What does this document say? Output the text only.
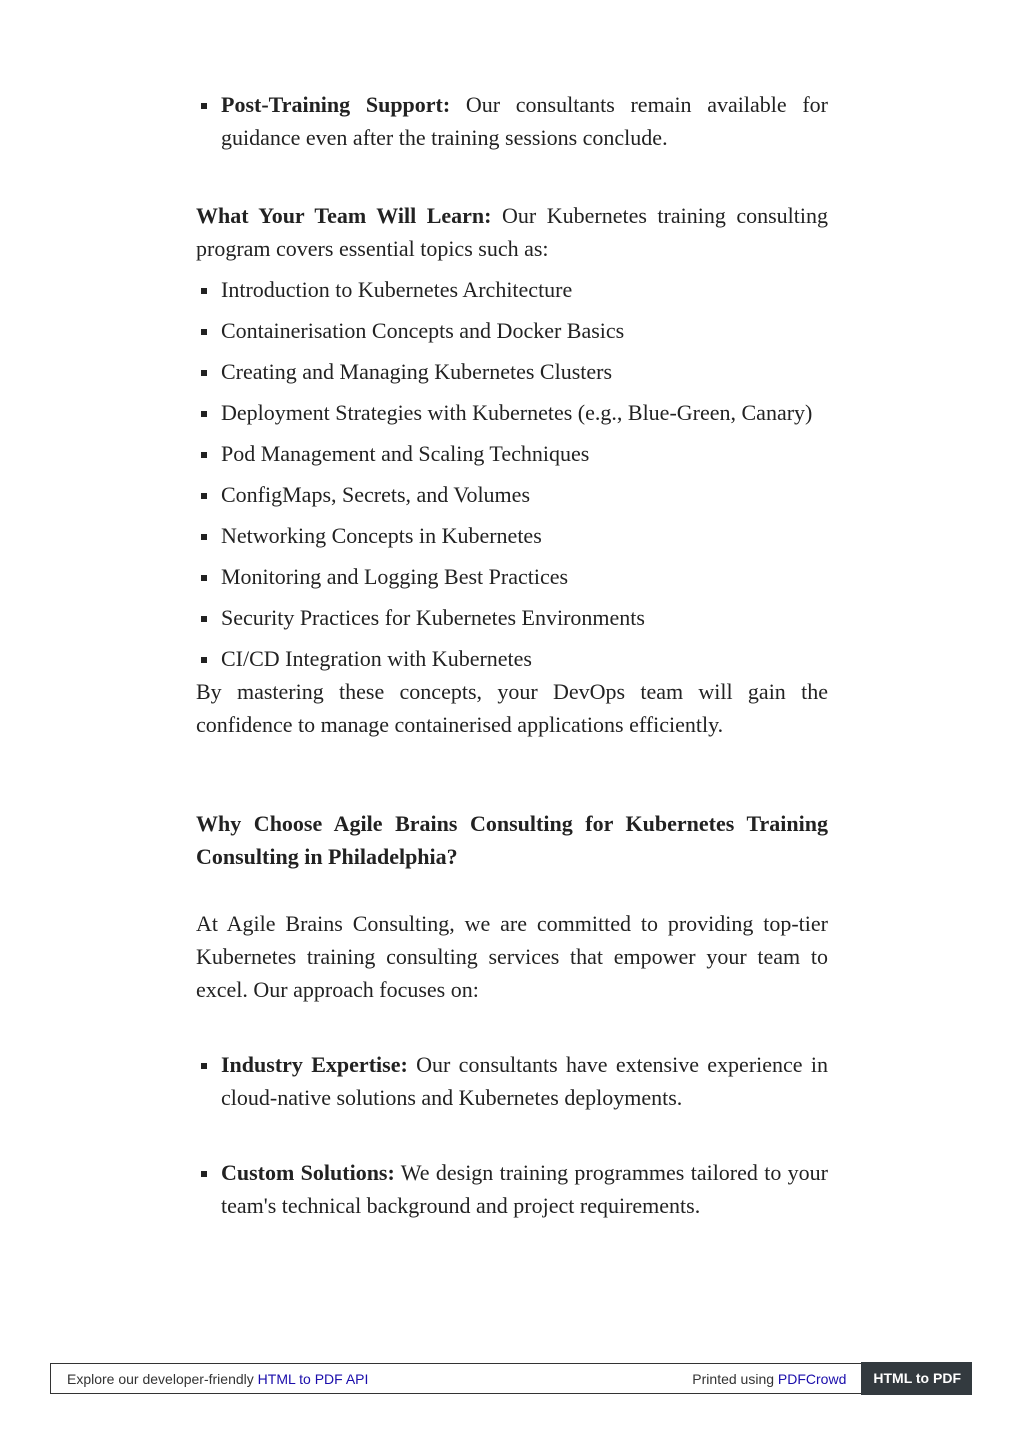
Post-Training Support: Our consultants remain available for guidance even after the training sessions conclude.

What Your Team Will Learn: Our Kubernetes training consulting program covers essential topics such as:

Introduction to Kubernetes Architecture

Containerisation Concepts and Docker Basics

Creating and Managing Kubernetes Clusters

Deployment Strategies with Kubernetes (e.g., Blue-Green, Canary)

Pod Management and Scaling Techniques

ConfigMaps, Secrets, and Volumes

Networking Concepts in Kubernetes

Monitoring and Logging Best Practices

Security Practices for Kubernetes Environments

CI/CD Integration with Kubernetes

By mastering these concepts, your DevOps team will gain the confidence to manage containerised applications efficiently.

Why Choose Agile Brains Consulting for Kubernetes Training Consulting in Philadelphia?

At Agile Brains Consulting, we are committed to providing top-tier Kubernetes training consulting services that empower your team to excel. Our approach focuses on:

Industry Expertise: Our consultants have extensive experience in cloud-native solutions and Kubernetes deployments.

Custom Solutions: We design training programmes tailored to your team's technical background and project requirements.

Explore our developer-friendly HTML to PDF API	Printed using PDFCrowd	HTML to PDF
